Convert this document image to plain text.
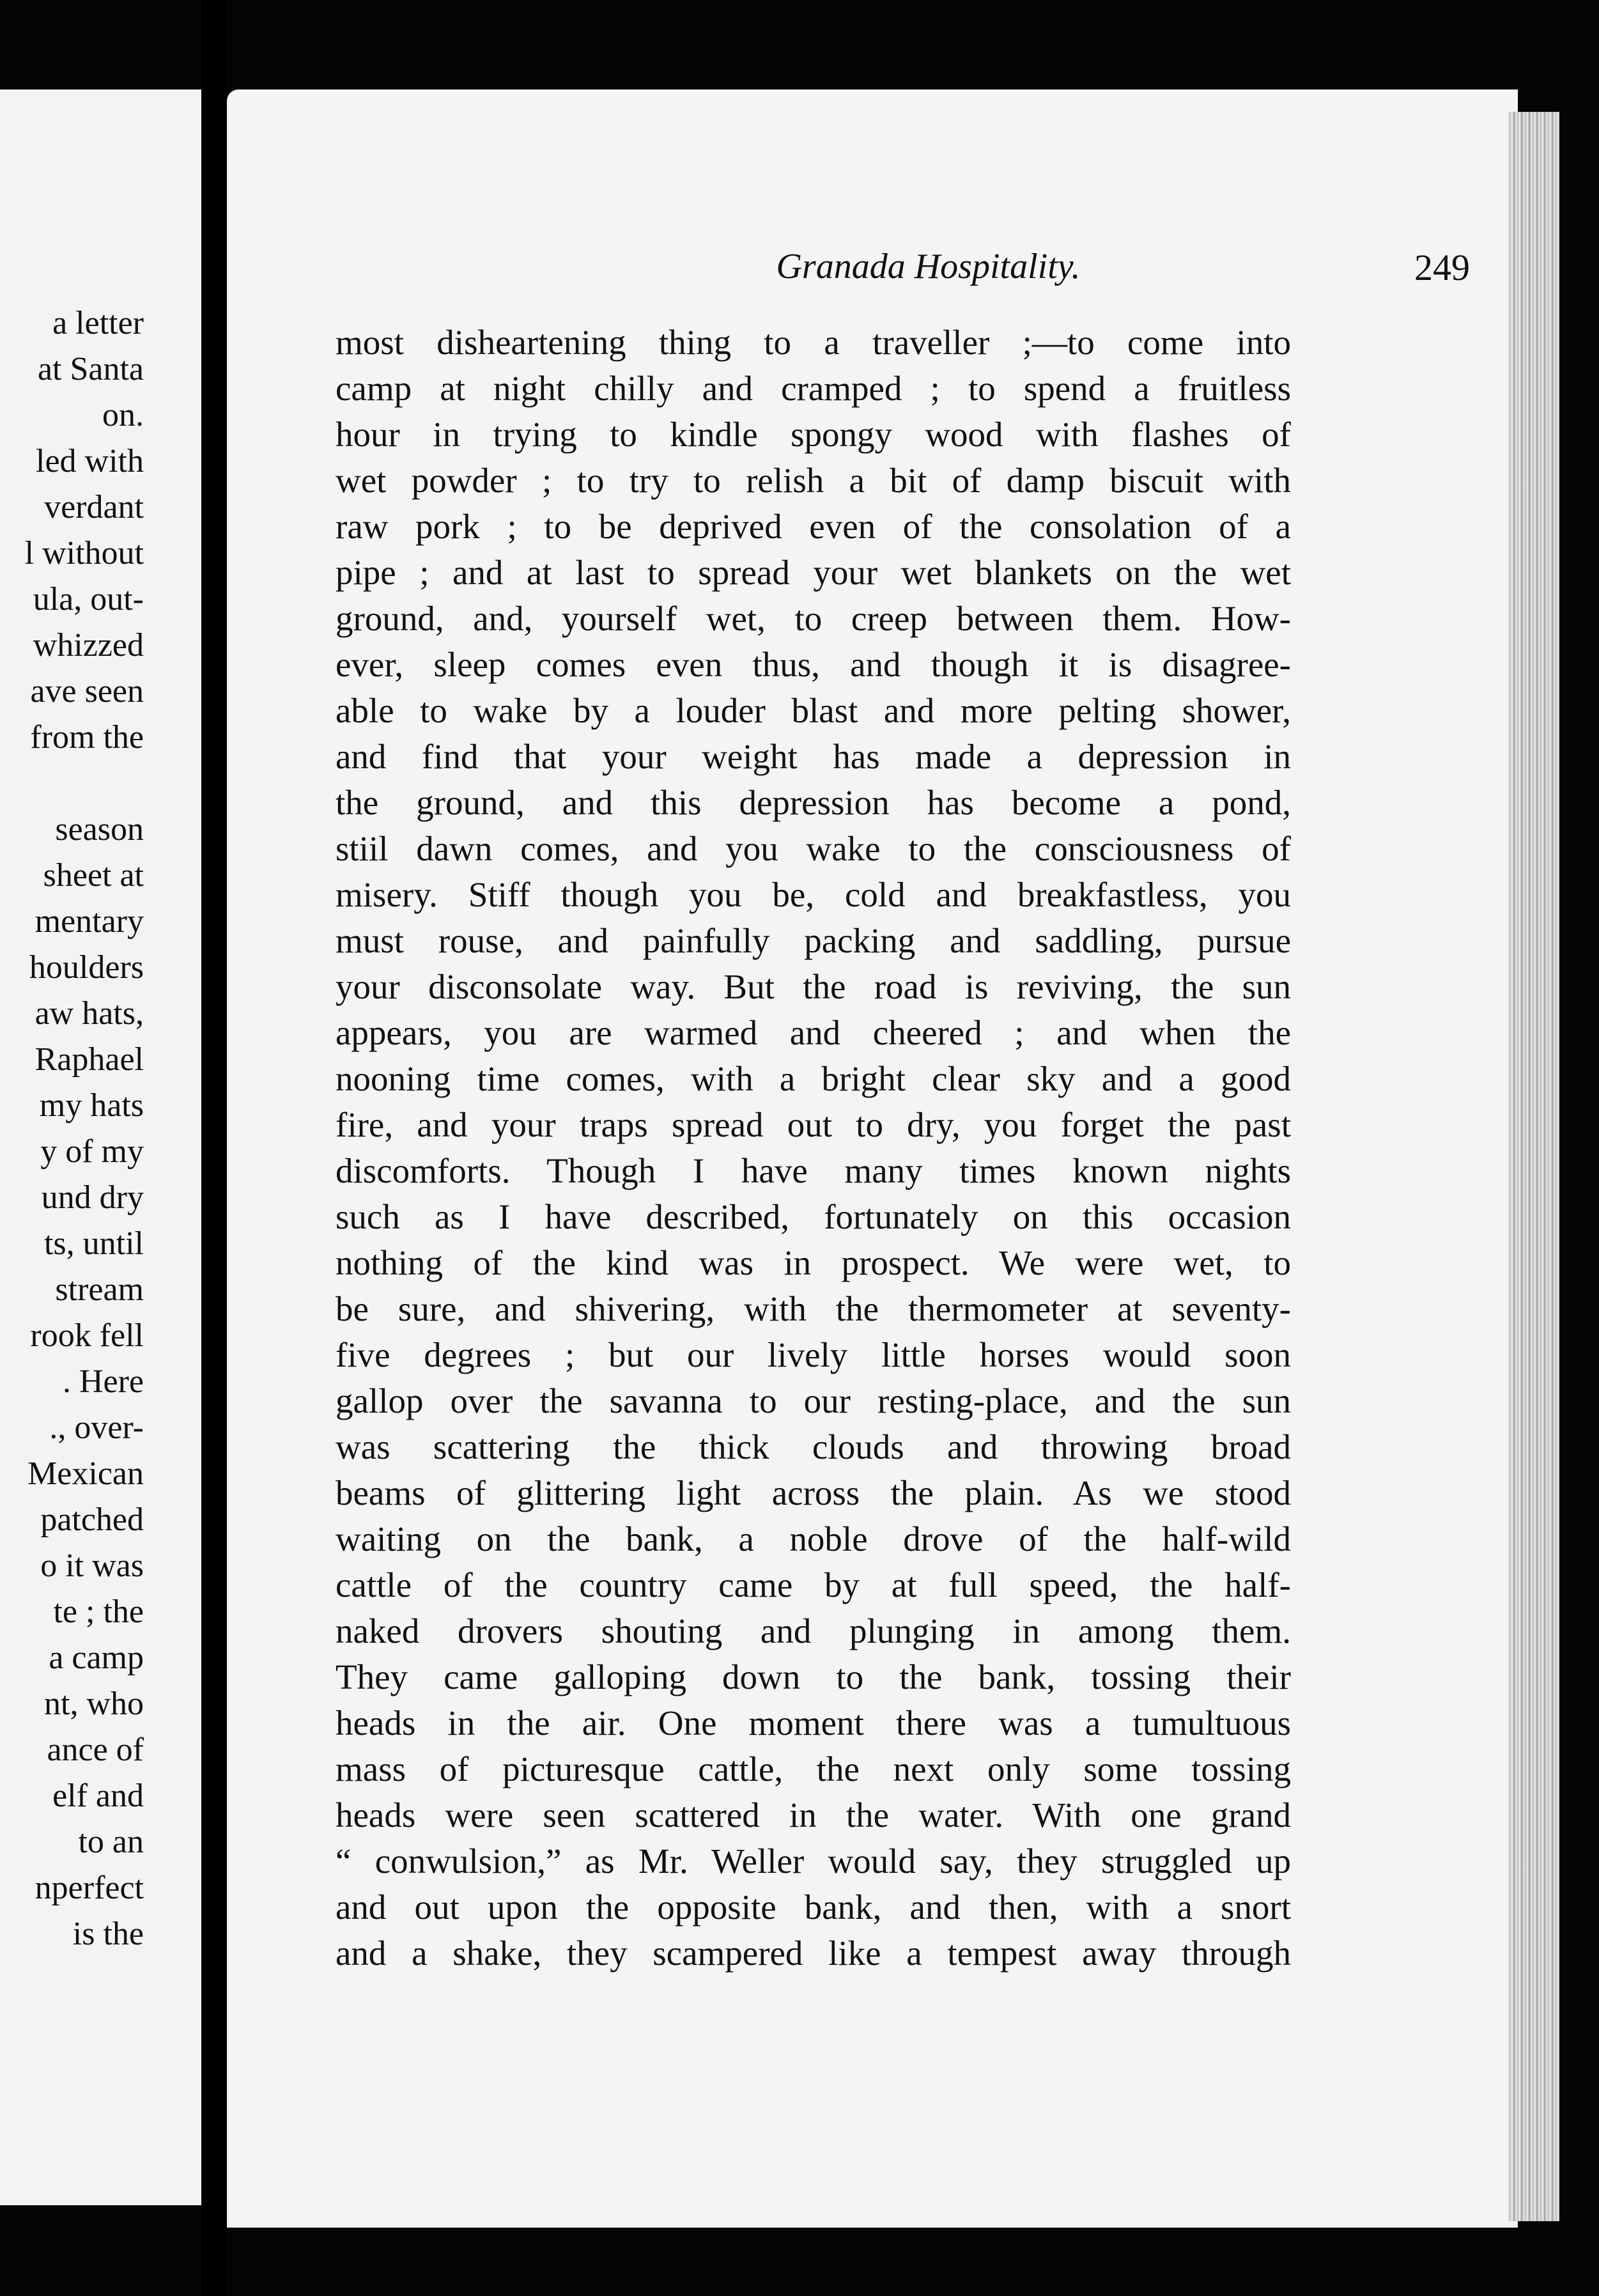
a letter
at Santa
on.
led with
verdant
l without
ula, out-
whizzed
ave seen
from the
season
sheet at
mentary
houlders
aw hats,
Raphael
my hats
y of my
und dry
ts, until
stream
rook fell
. Here
., over-
Mexican
patched
o it was
te ; the
a camp
nt, who
ance of
elf and
to an
nperfect
is the
Granada Hospitality.	249
most disheartening thing to a traveller ;—to come into
camp at night chilly and cramped ; to spend a fruitless
hour in trying to kindle spongy wood with flashes of
wet powder ; to try to relish a bit of damp biscuit with
raw pork ; to be deprived even of the consolation of a
pipe ; and at last to spread your wet blankets on the wet
ground, and, yourself wet, to creep between them. How-
ever, sleep comes even thus, and though it is disagree-
able to wake by a louder blast and more pelting shower,
and find that your weight has made a depression in
the ground, and this depression has become a pond,
stiil dawn comes, and you wake to the consciousness of
misery. Stiff though you be, cold and breakfastless, you
must rouse, and painfully packing and saddling, pursue
your disconsolate way. But the road is reviving, the sun
appears, you are warmed and cheered ; and when the
nooning time comes, with a bright clear sky and a good
fire, and your traps spread out to dry, you forget the past
discomforts. Though I have many times known nights
such as I have described, fortunately on this occasion
nothing of the kind was in prospect. We were wet, to
be sure, and shivering, with the thermometer at seventy-
five degrees ; but our lively little horses would soon
gallop over the savanna to our resting-place, and the sun
was scattering the thick clouds and throwing broad
beams of glittering light across the plain. As we stood
waiting on the bank, a noble drove of the half-wild
cattle of the country came by at full speed, the half-
naked drovers shouting and plunging in among them.
They came galloping down to the bank, tossing their
heads in the air. One moment there was a tumultuous
mass of picturesque cattle, the next only some tossing
heads were seen scattered in the water. With one grand
“ conwulsion,” as Mr. Weller would say, they struggled up
and out upon the opposite bank, and then, with a snort
and a shake, they scampered like a tempest away through
